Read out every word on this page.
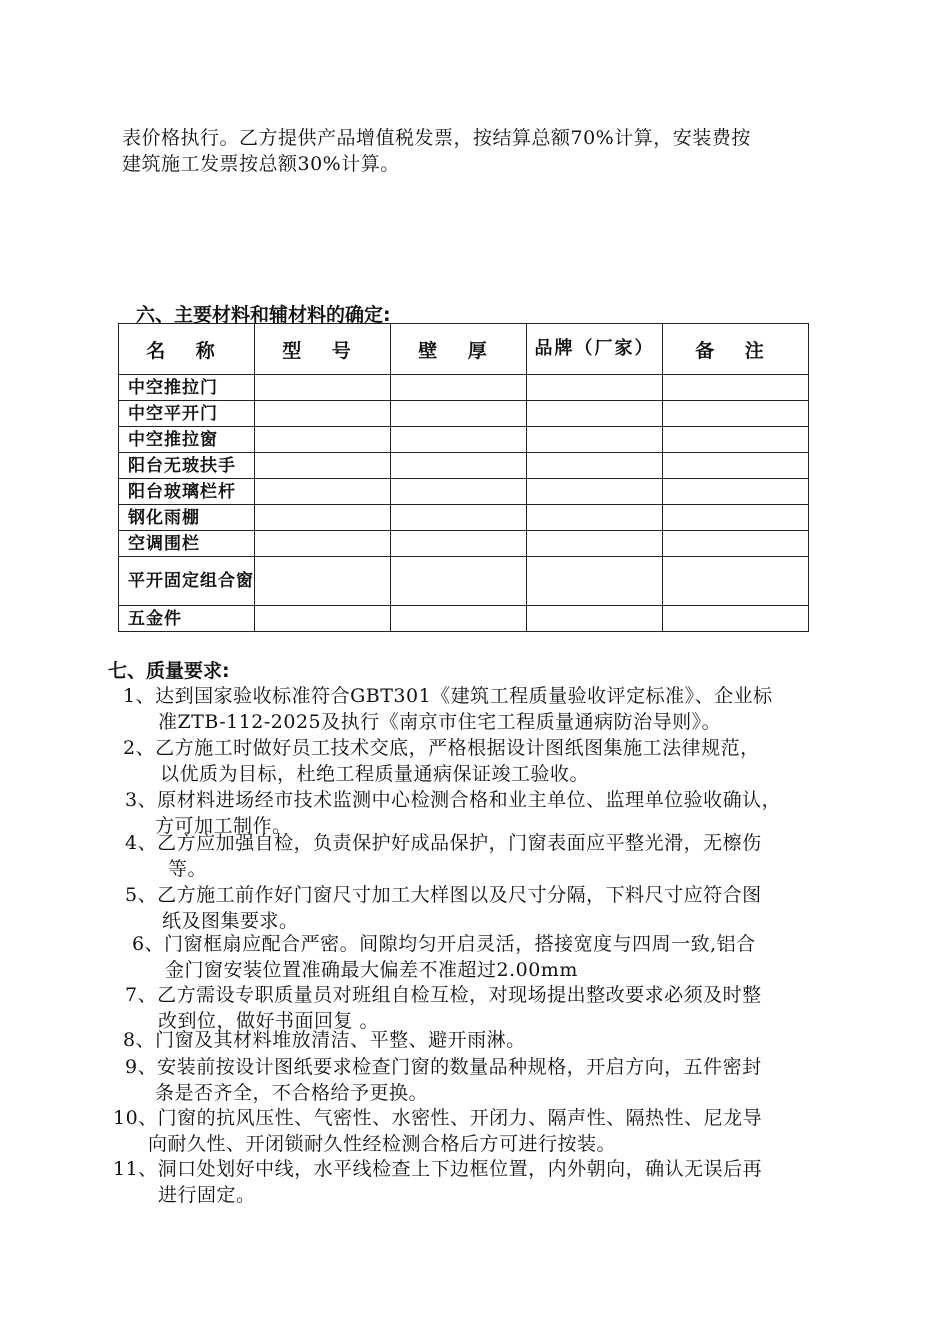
表价格执行。乙方提供产品增值税发票，按结算总额70%计算，安装费按
建筑施工发票按总额30%计算。
六、主要材料和辅材料的确定:
名 称	型 号	壁 厚	品牌（厂家）	备 注
中空推拉门				
中空平开门				
中空推拉窗				
阳台无玻扶手				
阳台玻璃栏杆				
钢化雨棚				
空调围栏				
平开固定组合窗				
五金件				
七、质量要求:
1、达到国家验收标准符合GBT301《建筑工程质量验收评定标准》、企业标
准ZTB-112-2025及执行《南京市住宅工程质量通病防治导则》。
2、乙方施工时做好员工技术交底，严格根据设计图纸图集施工法律规范，
以优质为目标，杜绝工程质量通病保证竣工验收。
3、原材料进场经市技术监测中心检测合格和业主单位、监理单位验收确认，
方可加工制作。
4、乙方应加强自检，负责保护好成品保护，门窗表面应平整光滑，无檫伤
等。
5、乙方施工前作好门窗尺寸加工大样图以及尺寸分隔，下料尺寸应符合图
纸及图集要求。
6、门窗框扇应配合严密。间隙均匀开启灵活，搭接宽度与四周一致,铝合
金门窗安装位置准确最大偏差不准超过2.00mm
7、乙方需设专职质量员对班组自检互检，对现场提出整改要求必须及时整
改到位，做好书面回复 。
8、门窗及其材料堆放清洁、平整、避开雨淋。
9、安装前按设计图纸要求检查门窗的数量品种规格，开启方向，五件密封
条是否齐全，不合格给予更换。
10、门窗的抗风压性、气密性、水密性、开闭力、隔声性、隔热性、尼龙导
向耐久性、开闭锁耐久性经检测合格后方可进行按装。
11、洞口处划好中线，水平线检查上下边框位置，内外朝向，确认无误后再
进行固定。
